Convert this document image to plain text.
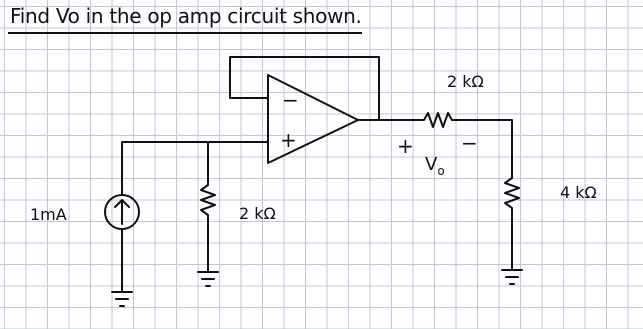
Find Vo in the op amp circuit shown.
−
+
2 kΩ
+ −
$V_o$
4 kΩ
2 kΩ
1mA
